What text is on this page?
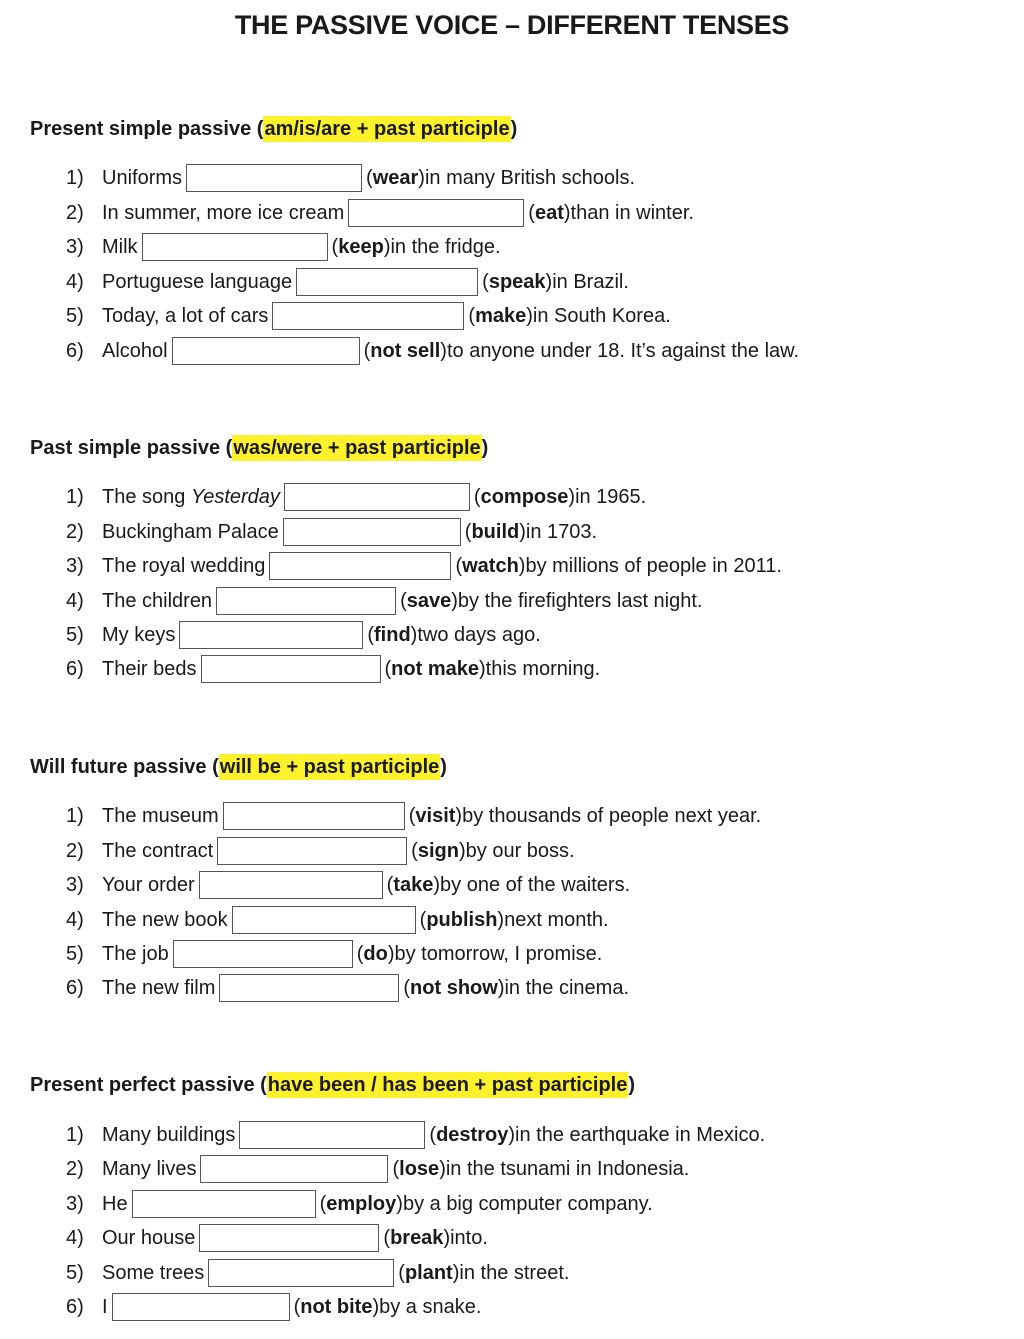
THE PASSIVE VOICE – DIFFERENT TENSES
Present simple passive (am/is/are + past participle)
1) Uniforms	( wear ) in many British schools.
2) In summer, more ice cream	( eat ) than in winter.
3) Milk	( keep ) in the fridge.
4) Portuguese language	( speak ) in Brazil.
5) Today, a lot of cars	( make ) in South Korea.
6) Alcohol	( not sell ) to anyone under 18. It’s against the law.
Past simple passive (was/were + past participle)
1) The song
Yesterday	( compose ) in 1965.
2) Buckingham Palace	( build ) in 1703.
3) The royal wedding	( watch ) by millions of people in 2011.
4) The children	( save ) by the firefighters last night.
5) My keys	( find ) two days ago.
6) Their beds	( not make ) this morning.
Will future passive (will be + past participle)
1) The museum	( visit ) by thousands of people next year.
2) The contract	( sign ) by our boss.
3) Your order	( take ) by one of the waiters.
4) The new book	( publish ) next month.
5) The job	( do ) by tomorrow, I promise.
6) The new film	( not show ) in the cinema.
Present perfect passive (have been / has been + past participle)
1) Many buildings	( destroy ) in the earthquake in Mexico.
2) Many lives	( lose ) in the tsunami in Indonesia.
3) He	( employ ) by a big computer company.
4) Our house	( break ) into.
5) Some trees	( plant ) in the street.
6) I	( not bite ) by a snake.
